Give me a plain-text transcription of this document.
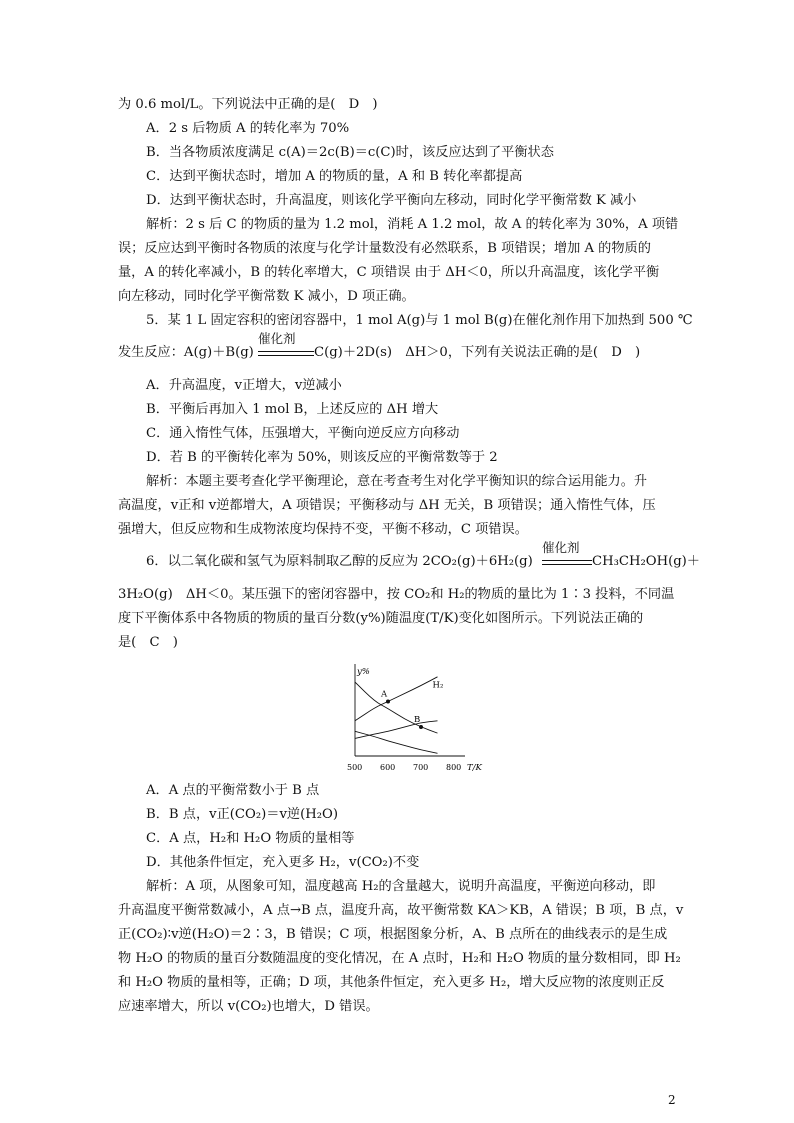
为 0.6 mol/L。下列说法中正确的是(　D　)
A．2 s 后物质 A 的转化率为 70%
B．当各物质浓度满足 c(A)＝2c(B)＝c(C)时，该反应达到了平衡状态
C．达到平衡状态时，增加 A 的物质的量，A 和 B 转化率都提高
D．达到平衡状态时，升高温度，则该化学平衡向左移动，同时化学平衡常数 K 减小
解析：2 s 后 C 的物质的量为 1.2 mol，消耗 A 1.2 mol，故 A 的转化率为 30%，A 项错
误；反应达到平衡时各物质的浓度与化学计量数没有必然联系，B 项错误；增加 A 的物质的
量，A 的转化率减小，B 的转化率增大，C 项错误 由于 ΔH＜0，所以升高温度，该化学平衡
向左移动，同时化学平衡常数 K 减小，D 项正确。
5．某 1 L 固定容积的密闭容器中，1 mol A(g)与 1 mol B(g)在催化剂作用下加热到 500 ℃
催化剂
发生反应：A(g)＋B(g)	C(g)＋2D(s)　ΔH＞0，下列有关说法正确的是(　D　)
A．升高温度，v正增大，v逆减小
B．平衡后再加入 1 mol B，上述反应的 ΔH 增大
C．通入惰性气体，压强增大，平衡向逆反应方向移动
D．若 B 的平衡转化率为 50%，则该反应的平衡常数等于 2
解析：本题主要考查化学平衡理论，意在考查考生对化学平衡知识的综合运用能力。升
高温度，v正和 v逆都增大，A 项错误；平衡移动与 ΔH 无关，B 项错误；通入惰性气体，压
强增大，但反应物和生成物浓度均保持不变，平衡不移动，C 项错误。
催化剂
6．以二氧化碳和氢气为原料制取乙醇的反应为 2CO₂(g)＋6H₂(g)	CH₃CH₂OH(g)＋
3H₂O(g)　ΔH＜0。某压强下的密闭容器中，按 CO₂和 H₂的物质的量比为 1∶3 投料，不同温
度下平衡体系中各物质的物质的量百分数(y%)随温度(T/K)变化如图所示。下列说法正确的
是(　C　)
y%
T/K
500 600 700 800
H₂
A
B
A．A 点的平衡常数小于 B 点
B．B 点，v正(CO₂)＝v逆(H₂O)
C．A 点，H₂和 H₂O 物质的量相等
D．其他条件恒定，充入更多 H₂，v(CO₂)不变
解析：A 项，从图象可知，温度越高 H₂的含量越大，说明升高温度，平衡逆向移动，即
升高温度平衡常数减小，A 点→B 点，温度升高，故平衡常数 KA＞KB，A 错误；B 项，B 点，v
正(CO₂)∶v逆(H₂O)＝2∶3，B 错误；C 项，根据图象分析，A、B 点所在的曲线表示的是生成
物 H₂O 的物质的量百分数随温度的变化情况，在 A 点时，H₂和 H₂O 物质的量分数相同，即 H₂
和 H₂O 物质的量相等，正确；D 项，其他条件恒定，充入更多 H₂，增大反应物的浓度则正反
应速率增大，所以 v(CO₂)也增大，D 错误。
2
